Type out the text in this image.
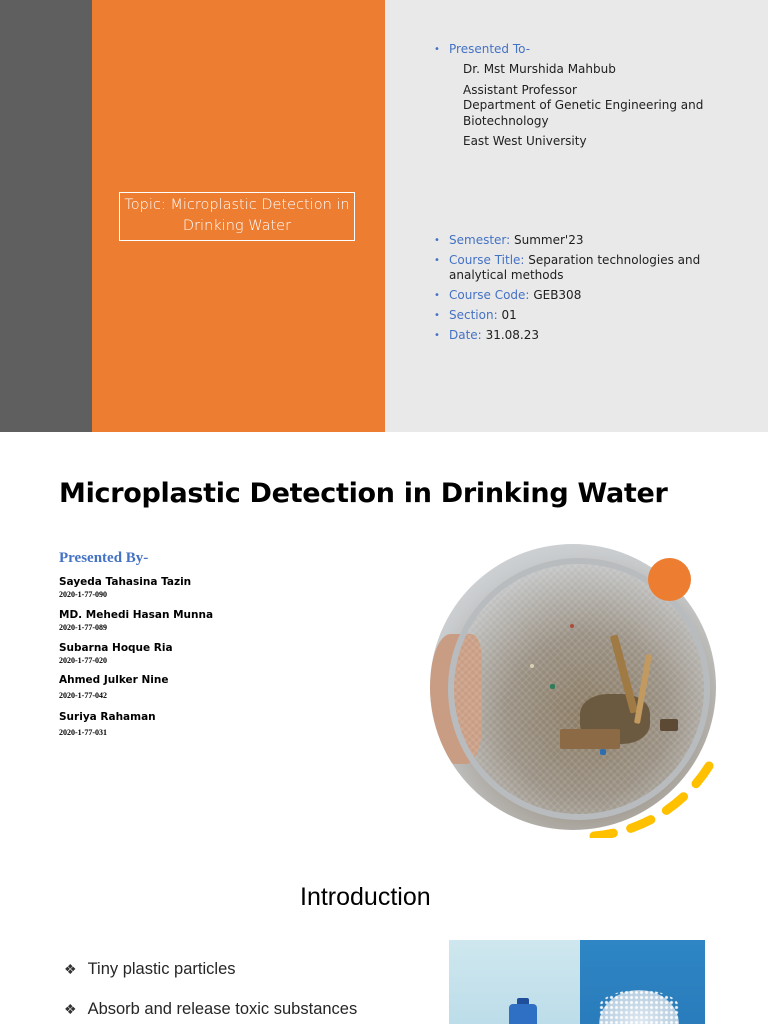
Topic: Microplastic Detection in Drinking Water
• Presented To-
Dr. Mst Murshida Mahbub
Assistant Professor
Department of Genetic Engineering and Biotechnology
East West University
• Semester: Summer'23
• Course Title: Separation technologies and analytical methods
• Course Code: GEB308
• Section: 01
• Date: 31.08.23
Microplastic Detection in Drinking Water
Presented By-
Sayeda Tahasina Tazin
2020-1-77-090
MD. Mehedi Hasan Munna
2020-1-77-089
Subarna Hoque Ria
2020-1-77-020
Ahmed Julker Nine
2020-1-77-042
Suriya Rahaman
2020-1-77-031
Introduction
❖ Tiny plastic particles
❖ Absorb and release toxic substances
